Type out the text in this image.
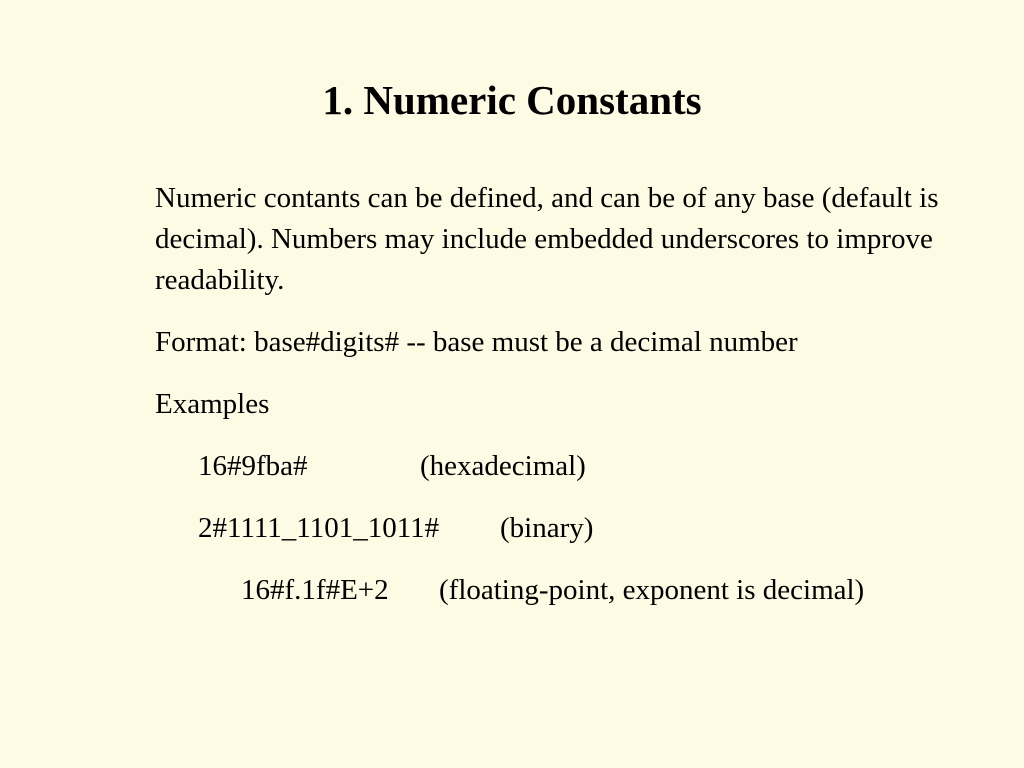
1. Numeric Constants

Numeric contants can be defined, and can be of any base (default is decimal). Numbers may include embedded underscores to improve readability.

Format: base#digits# -- base must be a decimal number

Examples

16#9fba#	(hexadecimal)

2#1111_1101_1011# (binary)

16#f.1f#E+2 (floating-point, exponent is decimal)
